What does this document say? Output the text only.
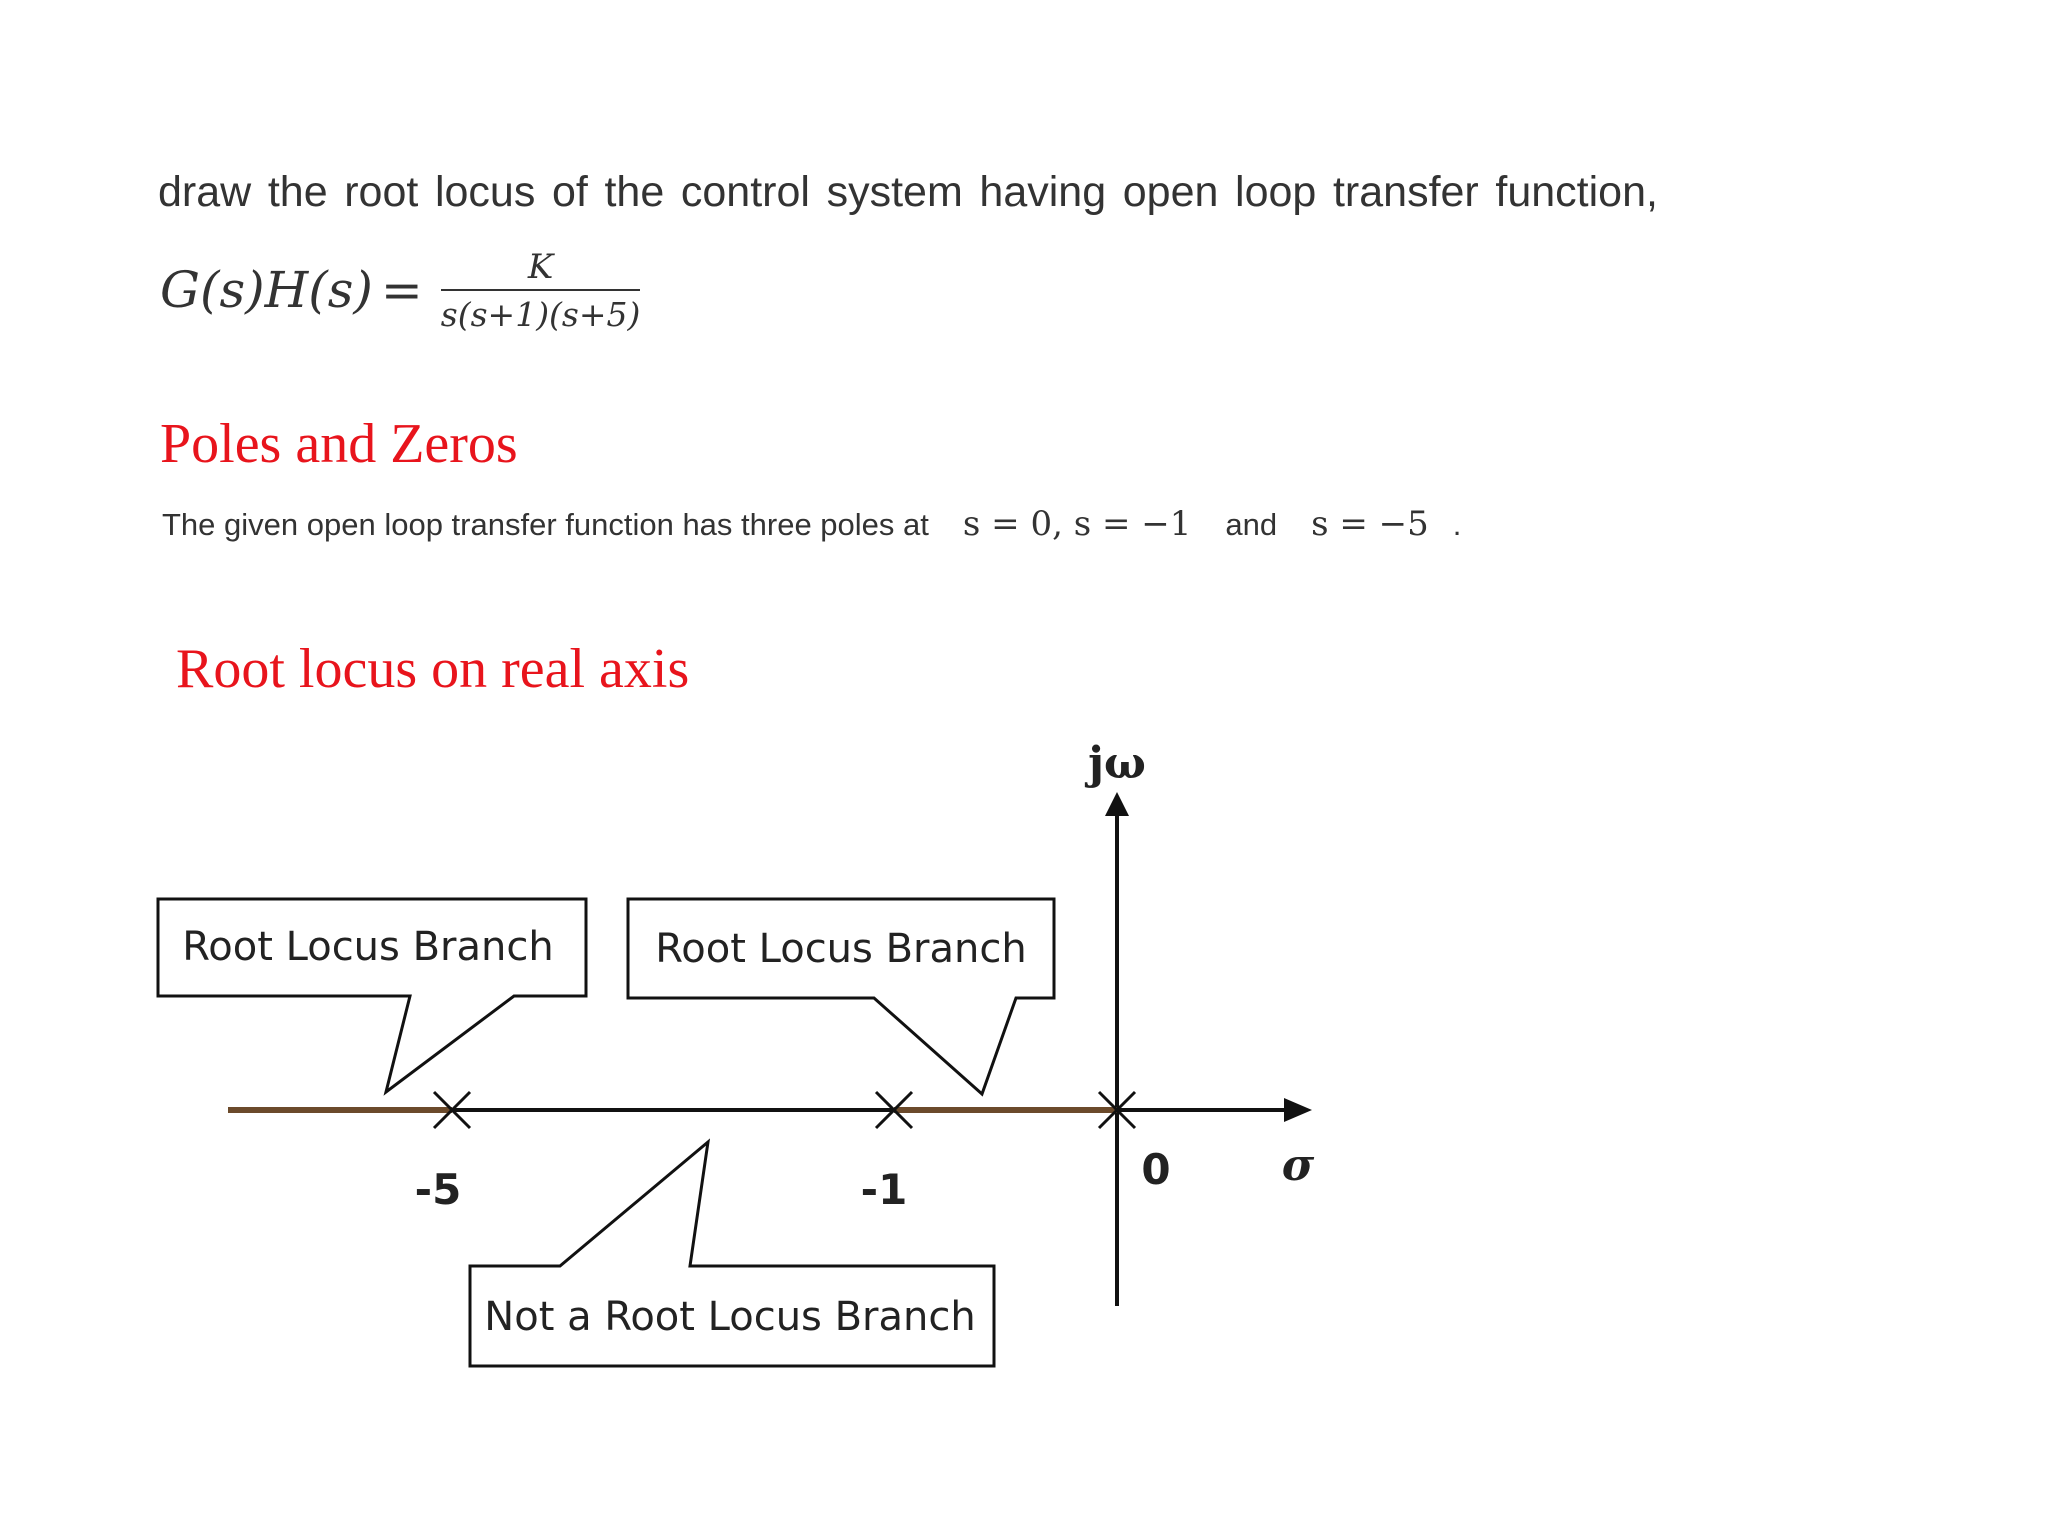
draw the root locus of the control system having open loop transfer function,
$G(s)H(s) = \frac{K}{s(s+1)(s+5)}$
Poles and Zeros
The given open loop transfer function has three poles at s = 0, s = −1 and s = −5 .
Root locus on real axis
-5	-1	0
jω
σ
Root Locus Branch	Root Locus Branch
Not a Root Locus Branch
